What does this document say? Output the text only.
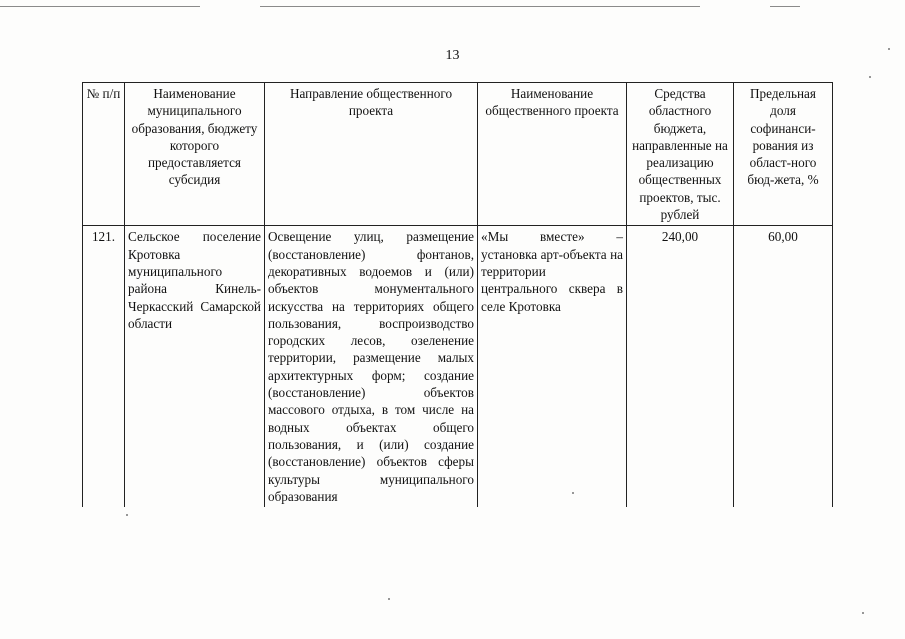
13
№ п/п	Наименование муниципального образования, бюджету которого предоставляется субсидия	Направление общественного проекта	Наименование общественного проекта	Средства областного бюджета, направленные на реализацию общественных проектов, тыс. рублей	Предельная доля софинанси-рования из област-ного бюд-жета, %
121.	Сельское поселение Кротовка муниципального района Кинель-Черкасский Самарской области	Освещение улиц, размещение (восстановление) фонтанов, декоративных водоемов и (или) объектов монументального искусства на территориях общего пользования, воспроизводство городских лесов, озеленение территории, размещение малых архитектурных форм; создание (восстановление) объектов массового отдыха, в том числе на водных объектах общего пользования, и (или) создание (восстановление) объектов сферы культуры муниципального образования	«Мы вместе» – установка арт-объекта на территории центрального сквера в селе Кротовка	240,00	60,00
